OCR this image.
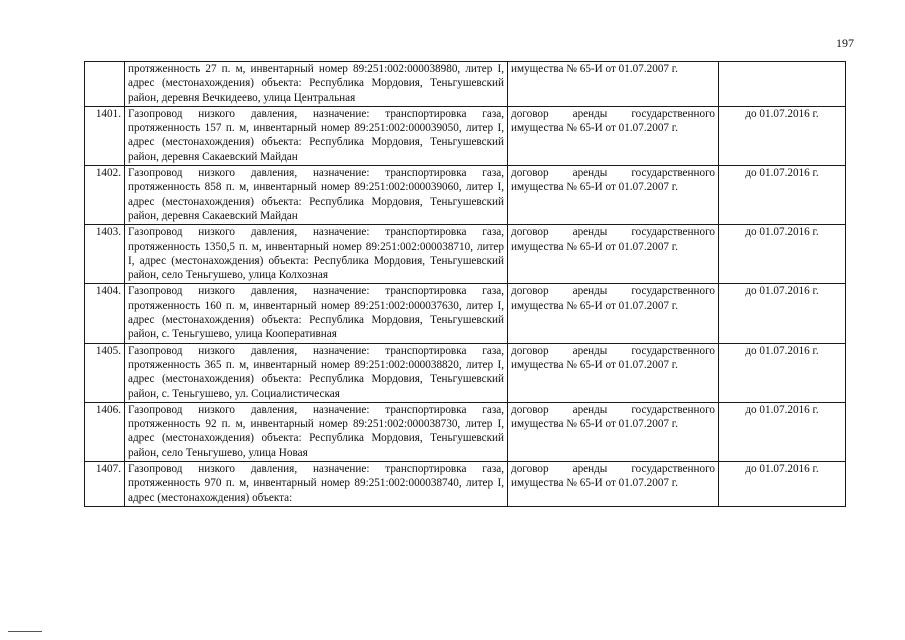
197
	протяженность 27 п. м, инвентарный номер 89:251:002:000038980, литер I, адрес (местонахождения) объекта: Республика Мордовия, Теньгушевский район, деревня Вечкидеево, улица Центральная	имущества № 65-И от 01.07.2007 г.	
1401.	Газопровод низкого давления, назначение: транспортировка газа, протяженность 157 п. м, инвентарный номер 89:251:002:000039050, литер I, адрес (местонахождения) объекта: Республика Мордовия, Теньгушевский район, деревня Сакаевский Майдан	договор аренды государственного имущества № 65-И от 01.07.2007 г.	до 01.07.2016 г.
1402.	Газопровод низкого давления, назначение: транспортировка газа, протяженность 858 п. м, инвентарный номер 89:251:002:000039060, литер I, адрес (местонахождения) объекта: Республика Мордовия, Теньгушевский район, деревня Сакаевский Майдан	договор аренды государственного имущества № 65-И от 01.07.2007 г.	до 01.07.2016 г.
1403.	Газопровод низкого давления, назначение: транспортировка газа, протяженность 1350,5 п. м, инвентарный номер 89:251:002:000038710, литер I, адрес (местонахождения) объекта: Республика Мордовия, Теньгушевский район, село Теньгушево, улица Колхозная	договор аренды государственного имущества № 65-И от 01.07.2007 г.	до 01.07.2016 г.
1404.	Газопровод низкого давления, назначение: транспортировка газа, протяженность 160 п. м, инвентарный номер 89:251:002:000037630, литер I, адрес (местонахождения) объекта: Республика Мордовия, Теньгушевский район, с. Теньгушево, улица Кооперативная	договор аренды государственного имущества № 65-И от 01.07.2007 г.	до 01.07.2016 г.
1405.	Газопровод низкого давления, назначение: транспортировка газа, протяженность 365 п. м, инвентарный номер 89:251:002:000038820, литер I, адрес (местонахождения) объекта: Республика Мордовия, Теньгушевский район, с. Теньгушево, ул. Социалистическая	договор аренды государственного имущества № 65-И от 01.07.2007 г.	до 01.07.2016 г.
1406.	Газопровод низкого давления, назначение: транспортировка газа, протяженность 92 п. м, инвентарный номер 89:251:002:000038730, литер I, адрес (местонахождения) объекта: Республика Мордовия, Теньгушевский район, село Теньгушево, улица Новая	договор аренды государственного имущества № 65-И от 01.07.2007 г.	до 01.07.2016 г.
1407.	Газопровод низкого давления, назначение: транспортировка газа, протяженность 970 п. м, инвентарный номер 89:251:002:000038740, литер I, адрес (местонахождения) объекта:	договор аренды государственного имущества № 65-И от 01.07.2007 г.	до 01.07.2016 г.
